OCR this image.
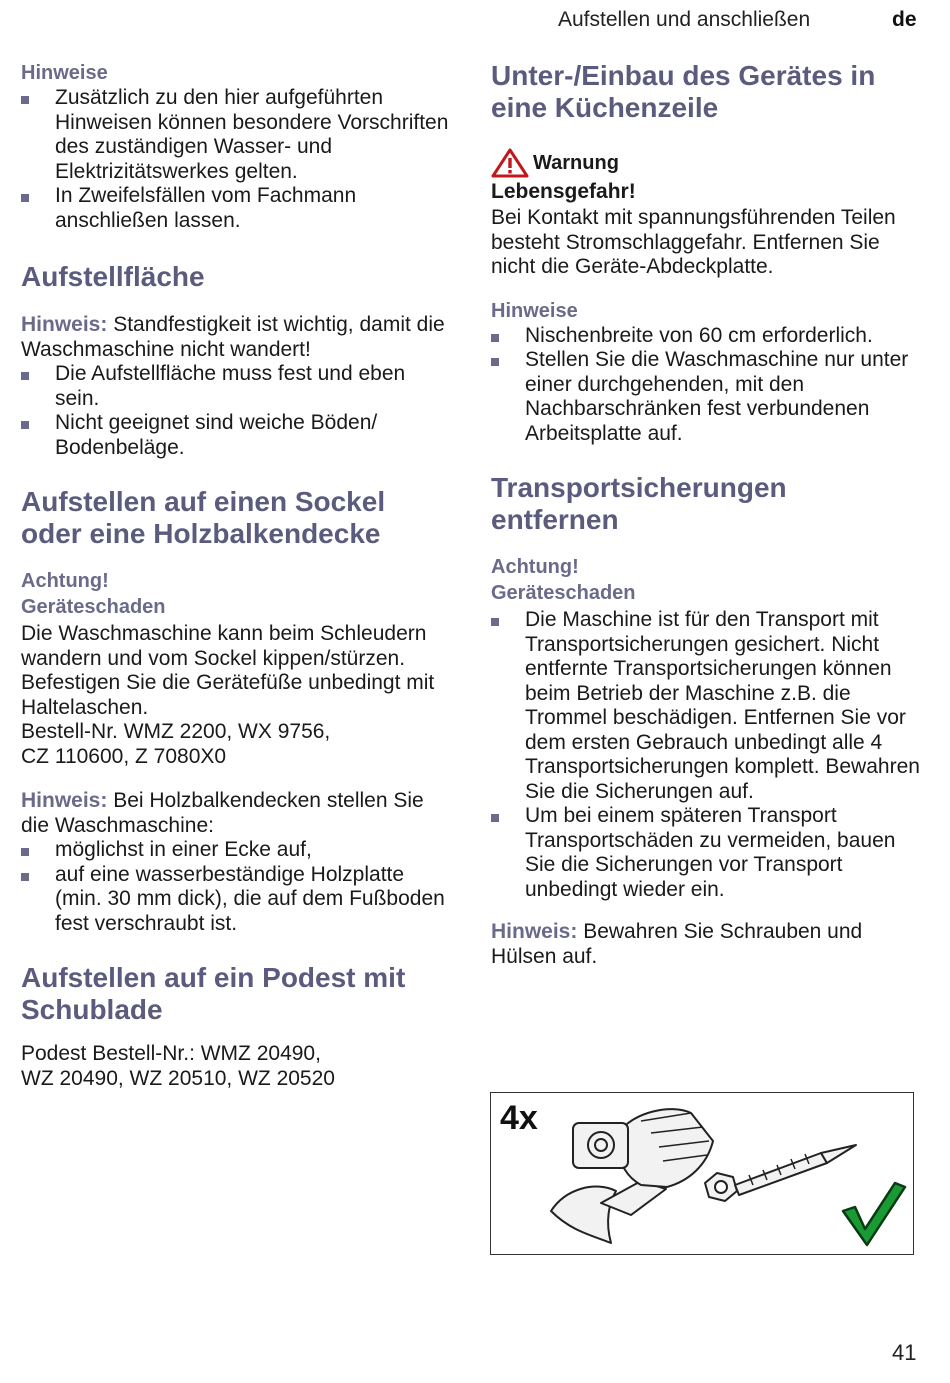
Aufstellen und anschließen	de

Hinweise

Zusätzlich zu den hier aufgeführten Hinweisen können besondere Vorschriften des zuständigen Wasser- und Elektrizitätswerkes gelten.
In Zweifelsfällen vom Fachmann anschließen lassen.
Aufstellfläche

Hinweis: Standfestigkeit ist wichtig, damit die Waschmaschine nicht wandert!

Die Aufstellfläche muss fest und eben sein.
Nicht geeignet sind weiche Böden/ Bodenbeläge.
Aufstellen auf einen Sockel oder eine Holzbalkendecke

Achtung!

Geräteschaden

Die Waschmaschine kann beim Schleudern wandern und vom Sockel kippen/stürzen.

Befestigen Sie die Gerätefüße unbedingt mit Haltelaschen.

Bestell-Nr. WMZ 2200, WX 9756,

CZ 110600, Z 7080X0

Hinweis: Bei Holzbalkendecken stellen Sie die Waschmaschine:

möglichst in einer Ecke auf,
auf eine wasserbeständige Holzplatte (min. 30 mm dick), die auf dem Fußboden fest verschraubt ist.
Aufstellen auf ein Podest mit Schublade

Podest Bestell-Nr.: WMZ 20490,

WZ 20490, WZ 20510, WZ 20520

Unter-/Einbau des Gerätes in eine Küchenzeile
Warnung

Lebensgefahr!

Bei Kontakt mit spannungsführenden Teilen besteht Stromschlaggefahr. Entfernen Sie nicht die Geräte-Abdeckplatte.

Hinweise

Nischenbreite von 60 cm erforderlich.
Stellen Sie die Waschmaschine nur unter einer durchgehenden, mit den Nachbarschränken fest verbundenen Arbeitsplatte auf.
Transportsicherungen entfernen

Achtung!

Geräteschaden

Die Maschine ist für den Transport mit Transportsicherungen gesichert. Nicht entfernte Transportsicherungen können beim Betrieb der Maschine z.B. die Trommel beschädigen. Entfernen Sie vor dem ersten Gebrauch unbedingt alle 4 Transportsicherungen komplett. Bewahren Sie die Sicherungen auf.
Um bei einem späteren Transport Transportschäden zu vermeiden, bauen Sie die Sicherungen vor Transport unbedingt wieder ein.

Hinweis: Bewahren Sie Schrauben und Hülsen auf.

4x
41
